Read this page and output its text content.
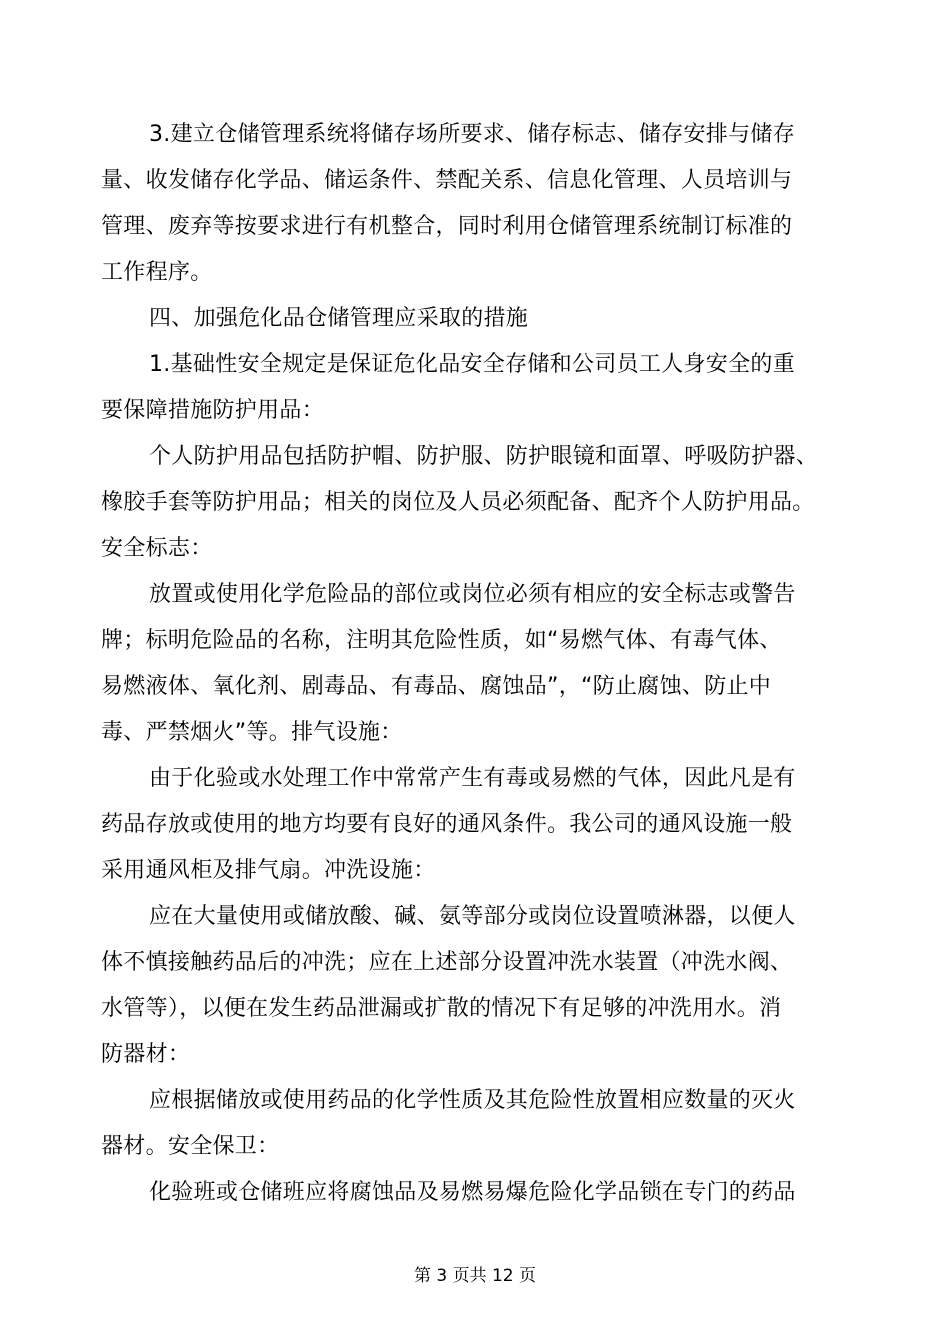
3.建立仓储管理系统将储存场所要求、储存标志、储存安排与储存
量、收发储存化学品、储运条件、禁配关系、信息化管理、人员培训与
管理、废弃等按要求进行有机整合，同时利用仓储管理系统制订标准的
工作程序。
四、加强危化品仓储管理应采取的措施
1.基础性安全规定是保证危化品安全存储和公司员工人身安全的重
要保障措施防护用品：
个人防护用品包括防护帽、防护服、防护眼镜和面罩、呼吸防护器、
橡胶手套等防护用品；相关的岗位及人员必须配备、配齐个人防护用品。
安全标志：
放置或使用化学危险品的部位或岗位必须有相应的安全标志或警告
牌；标明危险品的名称，注明其危险性质，如“易燃气体、有毒气体、
易燃液体、氧化剂、剧毒品、有毒品、腐蚀品”，“防止腐蚀、防止中
毒、严禁烟火”等。排气设施：
由于化验或水处理工作中常常产生有毒或易燃的气体，因此凡是有
药品存放或使用的地方均要有良好的通风条件。我公司的通风设施一般
采用通风柜及排气扇。冲洗设施：
应在大量使用或储放酸、碱、氨等部分或岗位设置喷淋器，以便人
体不慎接触药品后的冲洗；应在上述部分设置冲洗水装置（冲洗水阀、
水管等），以便在发生药品泄漏或扩散的情况下有足够的冲洗用水。消
防器材：
应根据储放或使用药品的化学性质及其危险性放置相应数量的灭火
器材。安全保卫：
化验班或仓储班应将腐蚀品及易燃易爆危险化学品锁在专门的药品
第 3 页共 12 页
